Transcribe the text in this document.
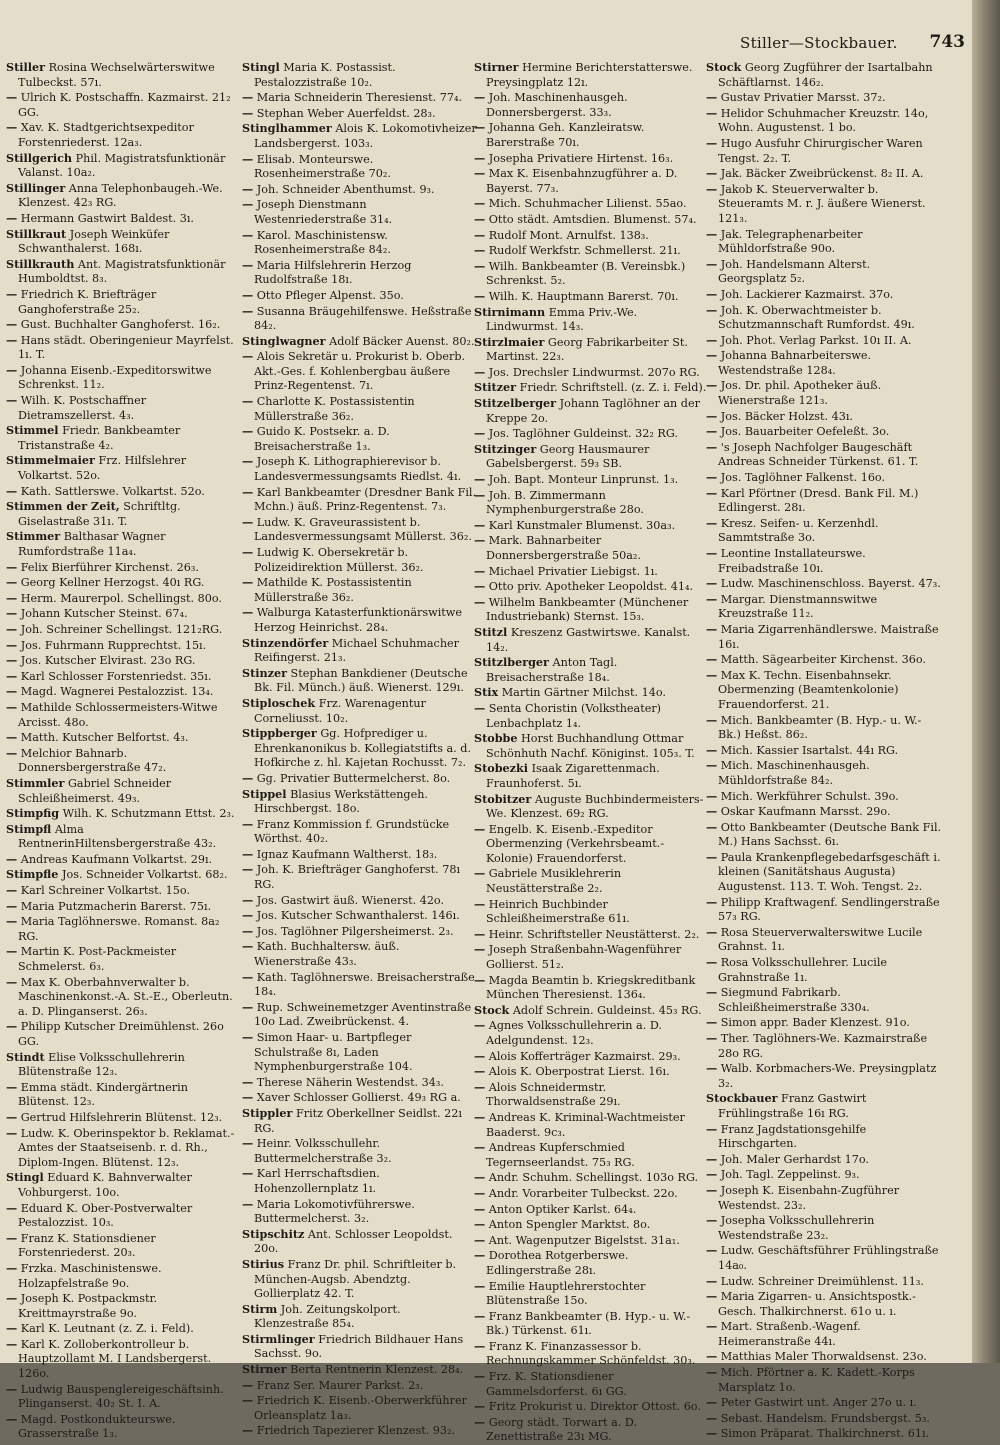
Stiller—Stockbauer. 743

Stiller Rosina Wechselwärterswitwe Tulbeckst. 57ı.

— Ulrich K. Postschaffn. Kazmairst. 21₂ GG.

— Xav. K. Stadtgerichtsexpeditor Forstenriederst. 12a₃.

Stillgerich Phil. Magistratsfunktionär Valanst. 10a₂.

Stillinger Anna Telephonbaugeh.-We. Klenzest. 42₃ RG.

— Hermann Gastwirt Baldest. 3ı.

Stillkraut Joseph Weinküfer Schwanthalerst. 168ı.

Stillkrauth Ant. Magistratsfunktionär Humboldtst. 8₃.

— Friedrich K. Briefträger Ganghoferstraße 25₂.

— Gust. Buchhalter Ganghoferst. 16₂.

— Hans städt. Oberingenieur Mayrfelst. 1ı. T.

— Johanna Eisenb.-Expeditorswitwe Schrenkst. 11₂.

— Wilh. K. Postschaffner Dietramszellerst. 4₃.

Stimmel Friedr. Bankbeamter Tristanstraße 4₂.

Stimmelmaier Frz. Hilfslehrer Volkartst. 52o.

— Kath. Sattlerswe. Volkartst. 52o.

Stimmen der Zeit, Schriftltg. Giselastraße 31ı. T.

Stimmer Balthasar Wagner Rumfordstraße 11a₄.

— Felix Bierführer Kirchenst. 26₃.

— Georg Kellner Herzogst. 40ı RG.

— Herm. Maurerpol. Schellingst. 80o.

— Johann Kutscher Steinst. 67₄.

— Joh. Schreiner Schellingst. 121₂RG.

— Jos. Fuhrmann Rupprechtst. 15ı.

— Jos. Kutscher Elvirast. 23o RG.

— Karl Schlosser Forstenriedst. 35ı.

— Magd. Wagnerei Pestalozzist. 13₄.

— Mathilde Schlossermeisters-Witwe Arcisst. 48o.

— Matth. Kutscher Belfortst. 4₃.

— Melchior Bahnarb. Donnersbergerstraße 47₂.

Stimmler Gabriel Schneider Schleißheimerst. 49₃.

Stimpfig Wilh. K. Schutzmann Ettst. 2₃.

Stimpfl Alma RentnerinHiltensbergerstraße 43₂.

— Andreas Kaufmann Volkartst. 29ı.

Stimpfle Jos. Schneider Volkartst. 68₂.

— Karl Schreiner Volkartst. 15o.

— Maria Putzmacherin Barerst. 75ı.

— Maria Taglöhnerswe. Romanst. 8a₂ RG.

— Martin K. Post-Packmeister Schmelerst. 6₃.

— Max K. Oberbahnverwalter b. Maschinenkonst.-A. St.-E., Oberleutn. a. D. Plinganserst. 26₃.

— Philipp Kutscher Dreimühlenst. 26o GG.

Stindt Elise Volksschullehrerin Blütenstraße 12₃.

— Emma städt. Kindergärtnerin Blütenst. 12₃.

— Gertrud Hilfslehrerin Blütenst. 12₃.

— Ludw. K. Oberinspektor b. Reklamat.-Amtes der Staatseisenb. r. d. Rh., Diplom-Ingen. Blütenst. 12₃.

Stingl Eduard K. Bahnverwalter Vohburgerst. 10o.

— Eduard K. Ober-Postverwalter Pestalozzist. 10₃.

— Franz K. Stationsdiener Forstenriederst. 20₃.

— Frzka. Maschinistenswe. Holzapfelstraße 9o.

— Joseph K. Postpackmstr. Kreittmayrstraße 9o.

— Karl K. Leutnant (z. Z. i. Feld).

— Karl K. Zolloberkontrolleur b. Hauptzollamt M. I Landsbergerst. 126o.

— Ludwig Bauspenglereigeschäftsinh. Plinganserst. 40₂ St. I. A.

— Magd. Postkondukteurswe. Grasserstraße 1₃.

Stingl Maria K. Postassist. Pestalozzistraße 10₂.

— Maria Schneiderin Theresienst. 77₄.

— Stephan Weber Auerfeldst. 28₃.

Stinglhammer Alois K. Lokomotivheizer Landsbergerst. 103₃.

— Elisab. Monteurswe. Rosenheimerstraße 70₂.

— Joh. Schneider Abenthumst. 9₃.

— Joseph Dienstmann Westenriederstraße 31₄.

— Karol. Maschinistensw. Rosenheimerstraße 84₂.

— Maria Hilfslehrerin Herzog Rudolfstraße 18ı.

— Otto Pfleger Alpenst. 35o.

— Susanna Bräugehilfenswe. Heßstraße 84₂.

Stinglwagner Adolf Bäcker Auenst. 80₂.

— Alois Sekretär u. Prokurist b. Oberb. Akt.-Ges. f. Kohlenbergbau äußere Prinz-Regentenst. 7ı.

— Charlotte K. Postassistentin Müllerstraße 36₂.

— Guido K. Postsekr. a. D. Breisacherstraße 1₃.

— Joseph K. Lithographierevisor b. Landesvermessungsamts Riedlst. 4ı.

— Karl Bankbeamter (Dresdner Bank Fil. Mchn.) äuß. Prinz-Regentenst. 7₃.

— Ludw. K. Graveurassistent b. Landesvermessungsamt Müllerst. 36₂.

— Ludwig K. Obersekretär b. Polizeidirektion Müllerst. 36₂.

— Mathilde K. Postassistentin Müllerstraße 36₂.

— Walburga Katasterfunktionärswitwe Herzog Heinrichst. 28₄.

Stinzendörfer Michael Schuhmacher Reifingerst. 21₃.

Stinzer Stephan Bankdiener (Deutsche Bk. Fil. Münch.) äuß. Wienerst. 129ı.

Stiploschek Frz. Warenagentur Corneliusst. 10₂.

Stippberger Gg. Hofprediger u. Ehrenkanonikus b. Kollegiatstifts a. d. Hofkirche z. hl. Kajetan Rochusst. 7₂.

— Gg. Privatier Buttermelcherst. 8o.

Stippel Blasius Werkstättengeh. Hirschbergst. 18o.

— Franz Kommission f. Grundstücke Wörthst. 40₂.

— Ignaz Kaufmann Waltherst. 18₃.

— Joh. K. Briefträger Ganghoferst. 78ı RG.

— Jos. Gastwirt äuß. Wienerst. 42o.

— Jos. Kutscher Schwanthalerst. 146ı.

— Jos. Taglöhner Pilgersheimerst. 2₃.

— Kath. Buchhaltersw. äuß. Wienerstraße 43₃.

— Kath. Taglöhnerswe. Breisacherstraße 18₄.

— Rup. Schweinemetzger Aventinstraße 10o Lad. Zweibrückenst. 4.

— Simon Haar- u. Bartpfleger Schulstraße 8ı, Laden Nymphenburgerstraße 104.

— Therese Näherin Westendst. 34₃.

— Xaver Schlosser Gollierst. 49₃ RG a.

Stippler Fritz Oberkellner Seidlst. 22ı RG.

— Heinr. Volksschullehr. Buttermelcherstraße 3₂.

— Karl Herrschaftsdien. Hohenzollernplatz 1ı.

— Maria Lokomotivführerswe. Buttermelcherst. 3₂.

Stipschitz Ant. Schlosser Leopoldst. 20o.

Stirius Franz Dr. phil. Schriftleiter b. München-Augsb. Abendztg. Gollierplatz 42. T.

Stirm Joh. Zeitungskolport. Klenzestraße 85₄.

Stirmlinger Friedrich Bildhauer Hans Sachsst. 9o.

Stirner Berta Rentnerin Klenzest. 28₄.

— Franz Ser. Maurer Parkst. 2₃.

— Friedrich K. Eisenb.-Oberwerkführer Orleansplatz 1a₃.

— Friedrich Tapezierer Klenzest. 93₂.

Stirner Hermine Berichterstatterswe. Preysingplatz 12ı.

— Joh. Maschinenhausgeh. Donnersbergerst. 33₃.

— Johanna Geh. Kanzleiratsw. Barerstraße 70ı.

— Josepha Privatiere Hirtenst. 16₃.

— Max K. Eisenbahnzugführer a. D. Bayerst. 77₃.

— Mich. Schuhmacher Lilienst. 55ao.

— Otto städt. Amtsdien. Blumenst. 57₄.

— Rudolf Mont. Arnulfst. 138₃.

— Rudolf Werkfstr. Schmellerst. 21ı.

— Wilh. Bankbeamter (B. Vereinsbk.) Schrenkst. 5₂.

— Wilh. K. Hauptmann Barerst. 70ı.

Stirnimann Emma Priv.-We. Lindwurmst. 14₃.

Stirzlmaier Georg Fabrikarbeiter St. Martinst. 22₃.

— Jos. Drechsler Lindwurmst. 207o RG.

Stitzer Friedr. Schriftstell. (z. Z. i. Feld).

Stitzelberger Johann Taglöhner an der Kreppe 2o.

— Jos. Taglöhner Guldeinst. 32₂ RG.

Stitzinger Georg Hausmaurer Gabelsbergerst. 59₃ SB.

— Joh. Bapt. Monteur Linprunst. 1₃.

— Joh. B. Zimmermann Nymphenburgerstraße 28o.

— Karl Kunstmaler Blumenst. 30a₃.

— Mark. Bahnarbeiter Donnersbergerstraße 50a₂.

— Michael Privatier Liebigst. 1ı.

— Otto priv. Apotheker Leopoldst. 41₄.

— Wilhelm Bankbeamter (Münchener Industriebank) Sternst. 15₃.

Stitzl Kreszenz Gastwirtswe. Kanalst. 14₂.

Stitzlberger Anton Tagl. Breisacherstraße 18₄.

Stix Martin Gärtner Milchst. 14o.

— Senta Choristin (Volkstheater) Lenbachplatz 1₄.

Stobbe Horst Buchhandlung Ottmar Schönhuth Nachf. Königinst. 105₃. T.

Stobezki Isaak Zigarettenmach. Fraunhoferst. 5ı.

Stobitzer Auguste Buchbindermeisters-We. Klenzest. 69₂ RG.

— Engelb. K. Eisenb.-Expeditor Obermenzing (Verkehrsbeamt.-Kolonie) Frauendorferst.

— Gabriele Musiklehrerin Neustätterstraße 2₂.

— Heinrich Buchbinder Schleißheimerstraße 61ı.

— Heinr. Schriftsteller Neustätterst. 2₂.

— Joseph Straßenbahn-Wagenführer Gollierst. 51₂.

— Magda Beamtin b. Kriegskreditbank München Theresienst. 136₄.

Stock Adolf Schrein. Guldeinst. 45₃ RG.

— Agnes Volksschullehrerin a. D. Adelgundenst. 12₃.

— Alois Kofferträger Kazmairst. 29₃.

— Alois K. Oberpostrat Lierst. 16ı.

— Alois Schneidermstr. Thorwaldsenstraße 29ı.

— Andreas K. Kriminal-Wachtmeister Baaderst. 9c₃.

— Andreas Kupferschmied Tegernseerlandst. 75₃ RG.

— Andr. Schuhm. Schellingst. 103o RG.

— Andr. Vorarbeiter Tulbeckst. 22o.

— Anton Optiker Karlst. 64₄.

— Anton Spengler Marktst. 8o.

— Ant. Wagenputzer Bigelstst. 31a₁.

— Dorothea Rotgerberswe. Edlingerstraße 28ı.

— Emilie Hauptlehrerstochter Blütenstraße 15o.

— Franz Bankbeamter (B. Hyp.- u. W.-Bk.) Türkenst. 61ı.

— Franz K. Finanzassessor b. Rechnungskammer Schönfeldst. 30₃.

— Frz. K. Stationsdiener Gammelsdorferst. 6ı GG.

— Fritz Prokurist u. Direktor Ottost. 6o.

— Georg städt. Torwart a. D. Zenettistraße 23ı MG.

Stock Georg Zugführer der Isartalbahn Schäftlarnst. 146₂.

— Gustav Privatier Marsst. 37₂.

— Helidor Schuhmacher Kreuzstr. 14o, Wohn. Augustenst. 1 bo.

— Hugo Ausfuhr Chirurgischer Waren Tengst. 2₂. T.

— Jak. Bäcker Zweibrückenst. 8₂ II. A.

— Jakob K. Steuerverwalter b. Steueramts M. r. J. äußere Wienerst. 121₃.

— Jak. Telegraphenarbeiter Mühldorfstraße 90o.

— Joh. Handelsmann Alterst. Georgsplatz 5₂.

— Joh. Lackierer Kazmairst. 37o.

— Joh. K. Oberwachtmeister b. Schutzmannschaft Rumfordst. 49ı.

— Joh. Phot. Verlag Parkst. 10ı II. A.

— Johanna Bahnarbeiterswe. Westendstraße 128₄.

— Jos. Dr. phil. Apotheker äuß. Wienerstraße 121₃.

— Jos. Bäcker Holzst. 43ı.

— Jos. Bauarbeiter Oefeleßt. 3o.

— 's Joseph Nachfolger Baugeschäft Andreas Schneider Türkenst. 61. T.

— Jos. Taglöhner Falkenst. 16o.

— Karl Pförtner (Dresd. Bank Fil. M.) Edlingerst. 28ı.

— Kresz. Seifen- u. Kerzenhdl. Sammtstraße 3o.

— Leontine Installateurswe. Freibadstraße 10ı.

— Ludw. Maschinenschloss. Bayerst. 47₃.

— Margar. Dienstmannswitwe Kreuzstraße 11₂.

— Maria Zigarrenhändlerswe. Maistraße 16ı.

— Matth. Sägearbeiter Kirchenst. 36o.

— Max K. Techn. Eisenbahnsekr. Obermenzing (Beamtenkolonie) Frauendorferst. 21.

— Mich. Bankbeamter (B. Hyp.- u. W.-Bk.) Heßst. 86₂.

— Mich. Kassier Isartalst. 44ı RG.

— Mich. Maschinenhausgeh. Mühldorfstraße 84₂.

— Mich. Werkführer Schulst. 39o.

— Oskar Kaufmann Marsst. 29o.

— Otto Bankbeamter (Deutsche Bank Fil. M.) Hans Sachsst. 6ı.

— Paula Krankenpflegebedarfsgeschäft i. kleinen (Sanitätshaus Augusta) Augustenst. 113. T. Woh. Tengst. 2₂.

— Philipp Kraftwagenf. Sendlingerstraße 57₃ RG.

— Rosa Steuerverwalterswitwe Lucile Grahnst. 1ı.

— Rosa Volksschullehrer. Lucile Grahnstraße 1ı.

— Siegmund Fabrikarb. Schleißheimerstraße 330₄.

— Simon appr. Bader Klenzest. 91o.

— Ther. Taglöhners-We. Kazmairstraße 28o RG.

— Walb. Korbmachers-We. Preysingplatz 3₂.

Stockbauer Franz Gastwirt Frühlingstraße 16ı RG.

— Franz Jagdstationsgehilfe Hirschgarten.

— Joh. Maler Gerhardst 17o.

— Joh. Tagl. Zeppelinst. 9₃.

— Joseph K. Eisenbahn-Zugführer Westendst. 23₂.

— Josepha Volksschullehrerin Westendstraße 23₂.

— Ludw. Geschäftsführer Frühlingstraße 14a₀.

— Ludw. Schreiner Dreimühlenst. 11₃.

— Maria Zigarren- u. Ansichtspostk.-Gesch. Thalkirchnerst. 61o u. ı.

— Mart. Straßenb.-Wagenf. Heimeranstraße 44ı.

— Matthias Maler Thorwaldsenst. 23o.

— Mich. Pförtner a. K. Kadett.-Korps Marsplatz 1o.

— Peter Gastwirt unt. Anger 27o u. ı.

— Sebast. Handelsm. Frundsbergst. 5₃.

— Simon Präparat. Thalkirchnerst. 61ı.
